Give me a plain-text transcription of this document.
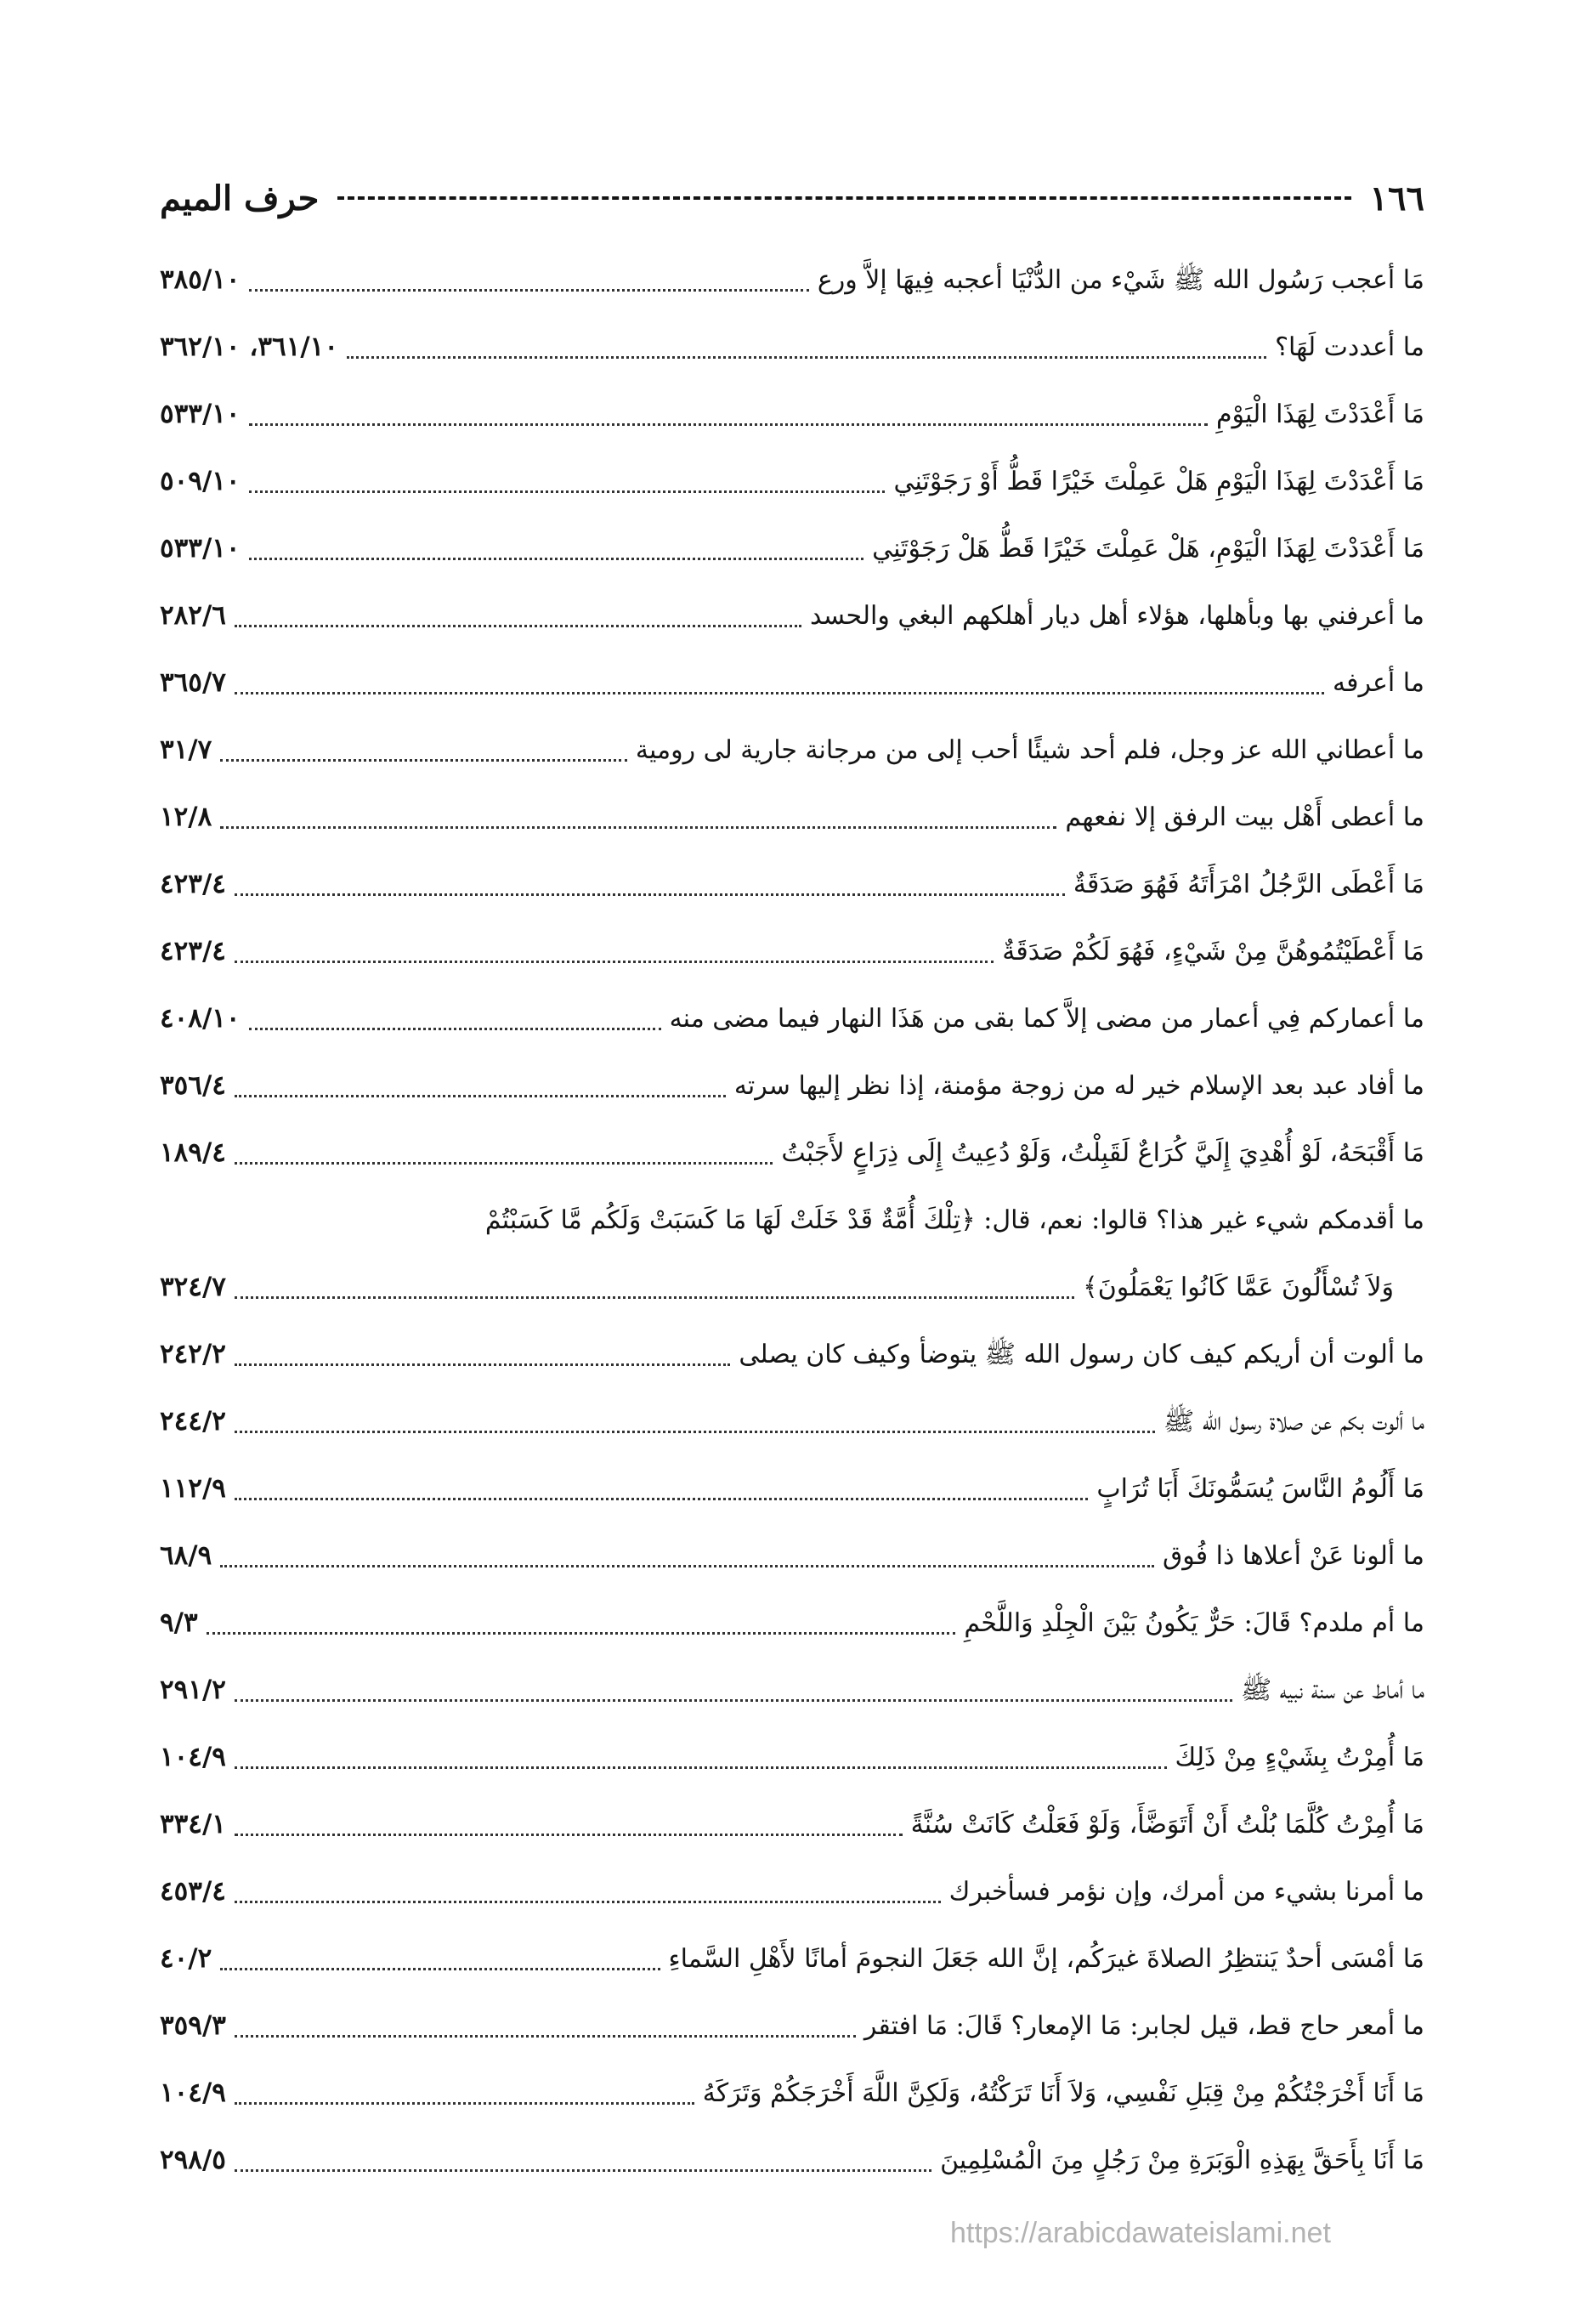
١٦٦
حرف الميم
مَا أعجب رَسُول الله ﷺ شَيْء من الدُّنْيَا أعجبه فِيهَا إلاَّ ورع
٣٨٥/١٠
ما أعددت لَهَا؟
٣٦١/١٠، ٣٦٢/١٠
مَا أَعْدَدْتَ لِهَذَا الْيَوْمِ
٥٣٣/١٠
مَا أَعْدَدْتَ لِهَذَا الْيَوْمِ هَلْ عَمِلْتَ خَيْرًا قَطُّ أَوْ رَجَوْتَنِي
٥٠٩/١٠
مَا أَعْدَدْتَ لِهَذَا الْيَوْمِ، هَلْ عَمِلْتَ خَيْرًا قَطُّ هَلْ رَجَوْتَنِي
٥٣٣/١٠
ما أعرفني بها وبأهلها، هؤلاء أهل ديار أهلكهم البغي والحسد
٢٨٢/٦
ما أعرفه
٣٦٥/٧
ما أعطاني الله عز وجل، فلم أحد شيئًا أحب إلى من مرجانة جارية لى رومية
٣١/٧
ما أعطى أَهْل بيت الرفق إلا نفعهم
١٢/٨
مَا أَعْطَى الرَّجُلُ امْرَأَتَهُ فَهُوَ صَدَقَةٌ
٤٢٣/٤
مَا أَعْطَيْتُمُوهُنَّ مِنْ شَيْءٍ، فَهُوَ لَكُمْ صَدَقَةٌ
٤٢٣/٤
ما أعماركم فِي أعمار من مضى إلاَّ كما بقى من هَذَا النهار فيما مضى منه
٤٠٨/١٠
ما أفاد عبد بعد الإسلام خير له من زوجة مؤمنة، إذا نظر إليها سرته
٣٥٦/٤
مَا أَقْبَحَهُ، لَوْ أُهْدِيَ إِلَيَّ كُرَاعٌ لَقَبِلْتُ، وَلَوْ دُعِيتُ إِلَى ذِرَاعٍ لأَجَبْتُ
١٨٩/٤
ما أقدمكم شيء غير هذا؟ قالوا: نعم، قال: ﴿تِلْكَ أُمَّةٌ قَدْ خَلَتْ لَهَا مَا كَسَبَتْ وَلَكُم مَّا كَسَبْتُمْ
وَلاَ تُسْأَلُونَ عَمَّا كَانُوا يَعْمَلُونَ﴾
٣٢٤/٧
ما ألوت أن أريكم كيف كان رسول الله ﷺ يتوضأ وكيف كان يصلى
٢٤٢/٢
ما ألوت بكم عن صلاة رسول الله ﷺ
٢٤٤/٢
مَا أَلُومُ النَّاسَ يُسَمُّونَكَ أَبَا تُرَابٍ
١١٢/٩
ما ألونا عَنْ أعلاها ذا فُوق
٦٨/٩
ما أم ملدم؟ قَالَ: حَرٌّ يَكُونُ بَيْنَ الْجِلْدِ وَاللَّحْمِ
٩/٣
ما أماط عن سنة نبيه ﷺ
٢٩١/٢
مَا أُمِرْتُ بِشَيْءٍ مِنْ ذَلِكَ
١٠٤/٩
مَا أُمِرْتُ كُلَّمَا بُلْتُ أَنْ أَتَوَضَّأَ، وَلَوْ فَعَلْتُ كَانَتْ سُنَّةً
٣٣٤/١
ما أمرنا بشيء من أمرك، وإن نؤمر فسأخبرك
٤٥٣/٤
مَا أمْسَى أحدٌ يَنتظِرُ الصلاةَ غيرَكُم، إنَّ الله جَعَلَ النجومَ أمانًا لأَهْلِ السَّماءِ
٤٠/٢
ما أمعر حاج قط، قيل لجابر: مَا الإمعار؟ قَالَ: مَا افتقر
٣٥٩/٣
مَا أَنَا أَخْرَجْتُكُمْ مِنْ قِبَلِ نَفْسِي، وَلاَ أَنَا تَرَكْتُهُ، وَلَكِنَّ اللَّهَ أَخْرَجَكُمْ وَتَرَكَهُ
١٠٤/٩
مَا أَنَا بِأَحَقَّ بِهَذِهِ الْوَبَرَةِ مِنْ رَجُلٍ مِنَ الْمُسْلِمِينَ
٢٩٨/٥
https://arabicdawateislami.net
